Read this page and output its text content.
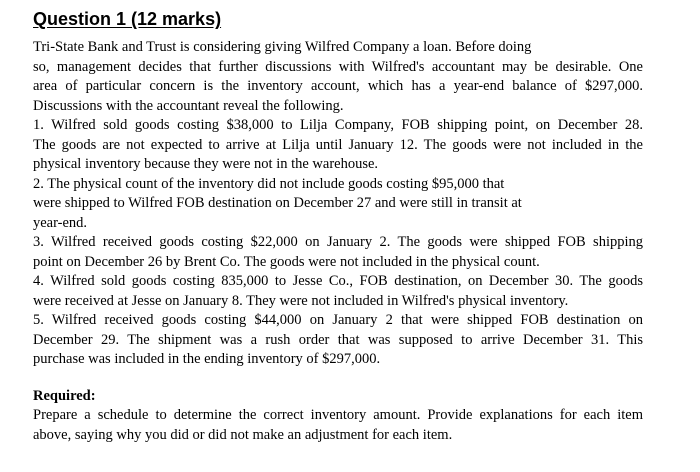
Question 1 (12 marks)
Tri-State Bank and Trust is considering giving Wilfred Company a loan. Before doing
so, management decides that further discussions with Wilfred's accountant may be desirable. One
area of particular concern is the inventory account, which has a year-end balance of $297,000.
Discussions with the accountant reveal the following.
1. Wilfred sold goods costing $38,000 to Lilja Company, FOB shipping point, on December 28.
The goods are not expected to arrive at Lilja until January 12. The goods were not included in the
physical inventory because they were not in the warehouse.
2. The physical count of the inventory did not include goods costing $95,000 that
were shipped to Wilfred FOB destination on December 27 and were still in transit at
year-end.
3. Wilfred received goods costing $22,000 on January 2. The goods were shipped FOB shipping
point on December 26 by Brent Co. The goods were not included in the physical count.
4. Wilfred sold goods costing 835,000 to Jesse Co., FOB destination, on December 30. The goods
were received at Jesse on January 8. They were not included in Wilfred's physical inventory.
5. Wilfred received goods costing $44,000 on January 2 that were shipped FOB destination on
December 29. The shipment was a rush order that was supposed to arrive December 31. This
purchase was included in the ending inventory of $297,000.
Required:
Prepare a schedule to determine the correct inventory amount. Provide explanations for each item
above, saying why you did or did not make an adjustment for each item.
